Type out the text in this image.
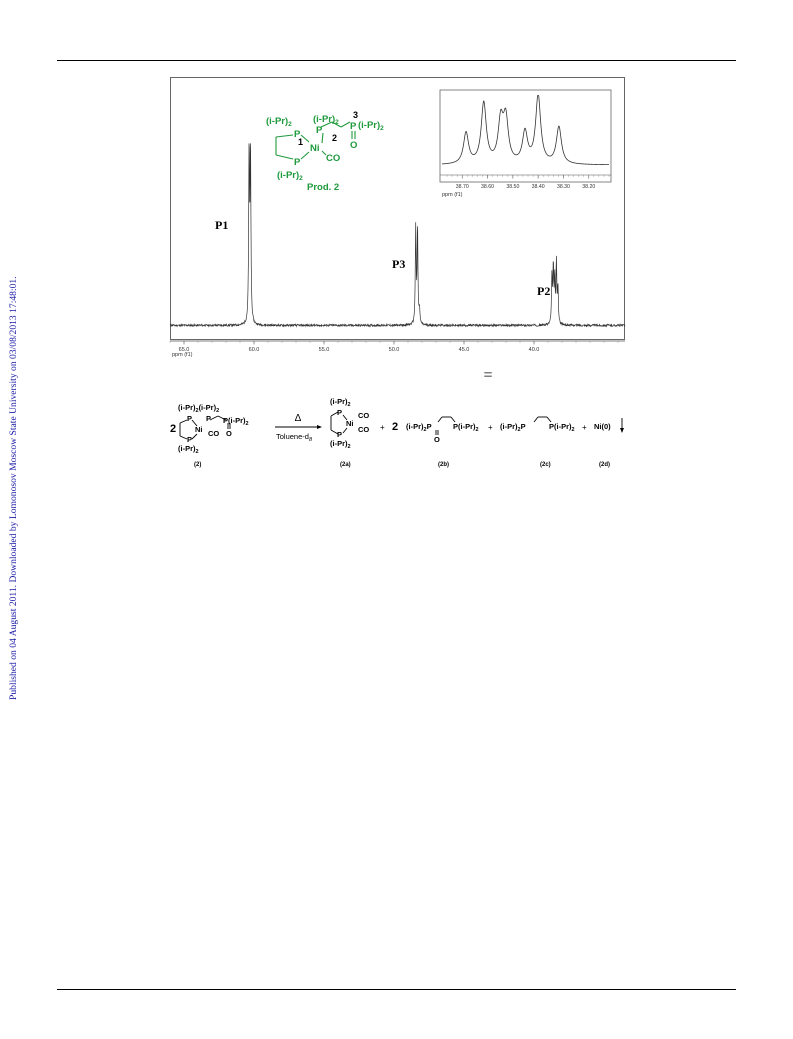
Published on 04 August 2011. Downloaded by Lomonosov Moscow State University on 03/08/2013 17:48:01.	65.0	60.0	55.0	50.0	45.0	40.0
ppm (f1)
P1
P3
P2
38.70 38.60 38.50 38.40 38.30 38.20
ppm (f1)
$(i-Pr)_2$ $(i-Pr)_2$
P P	P
P
Ni
CO
O
$(i-Pr)_2$
$(i-Pr)_2$
1	2
3
Prod. 2
=
2
$(i-Pr)_2(i-Pr)_2$
P P
P
Ni CO O
$P(i-Pr)_2$
$(i-Pr)_2$
(2)
Δ
Toluene-$d_8$
$(i-Pr)_2$
P
Ni
CO
CO
P
$(i-Pr)_2$
(2a)
+ 2 $(i-Pr)_2P$
O
$P(i-Pr)_2$
(2b)
+ $(i-Pr)_2P$	$P(i-Pr)_2$
(2c)
+ Ni(0)
(2d)
